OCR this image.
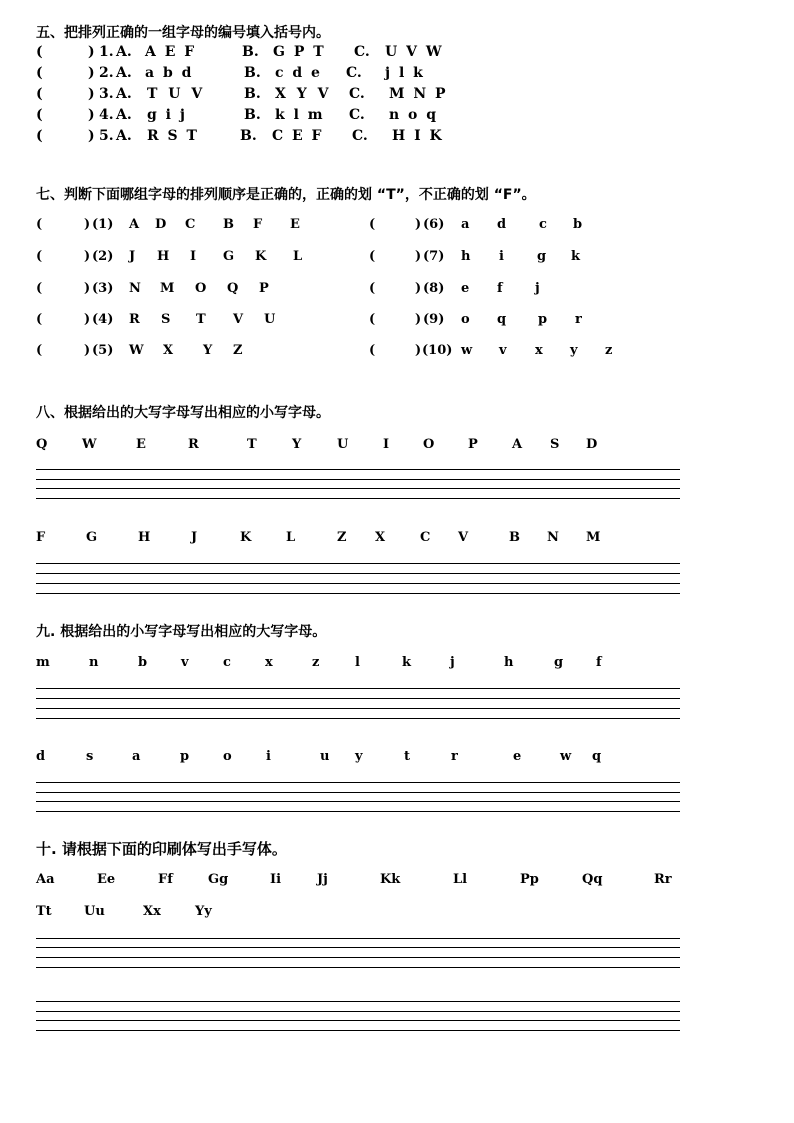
五、把排列正确的一组字母的编号填入括号内。
(	) 1. A. A E F	B. G P T C. U V W
(	) 2. A. a b d	B. c d e C. j l k
(	) 3. A. T U V	B. X Y V C. M N P
(	) 4. A. g i j	B. k l m C. n o q
(	) 5. A. R S T	B. C E F C. H I K
七、判断下面哪组字母的排列顺序是正确的，正确的划 “T”，不正确的划 “F”。
(	) (1) A D C B F E
(	) (2) J H I G K L
(	) (3) N M O Q P
(	) (4) R S T V U
(	) (5) W X Y Z
(	) (6) a d	c b
(	) (7) h i	g k
(	) (8) e f j
(	) (9) o q p r
(	) (10) w v x y z
八、根据给出的大写字母写出相应的小写字母。
Q	W	E	R	T	Y	U	I	O	P	A S D
F	G	H	J	K	L	Z X	C V	B N M
九. 根据给出的小写字母写出相应的大写字母。
m	n	b	v	c	x	z	l	k	j	h	g	f
d	s	a	p	o	i	u y	t	r	e	w q
十. 请根据下面的印刷体写出手写体。
Aa	Ee	Ff	Gg	Ii	Jj	Kk	Ll	Pp	Qq	Rr
Tt Uu	Xx	Yy
